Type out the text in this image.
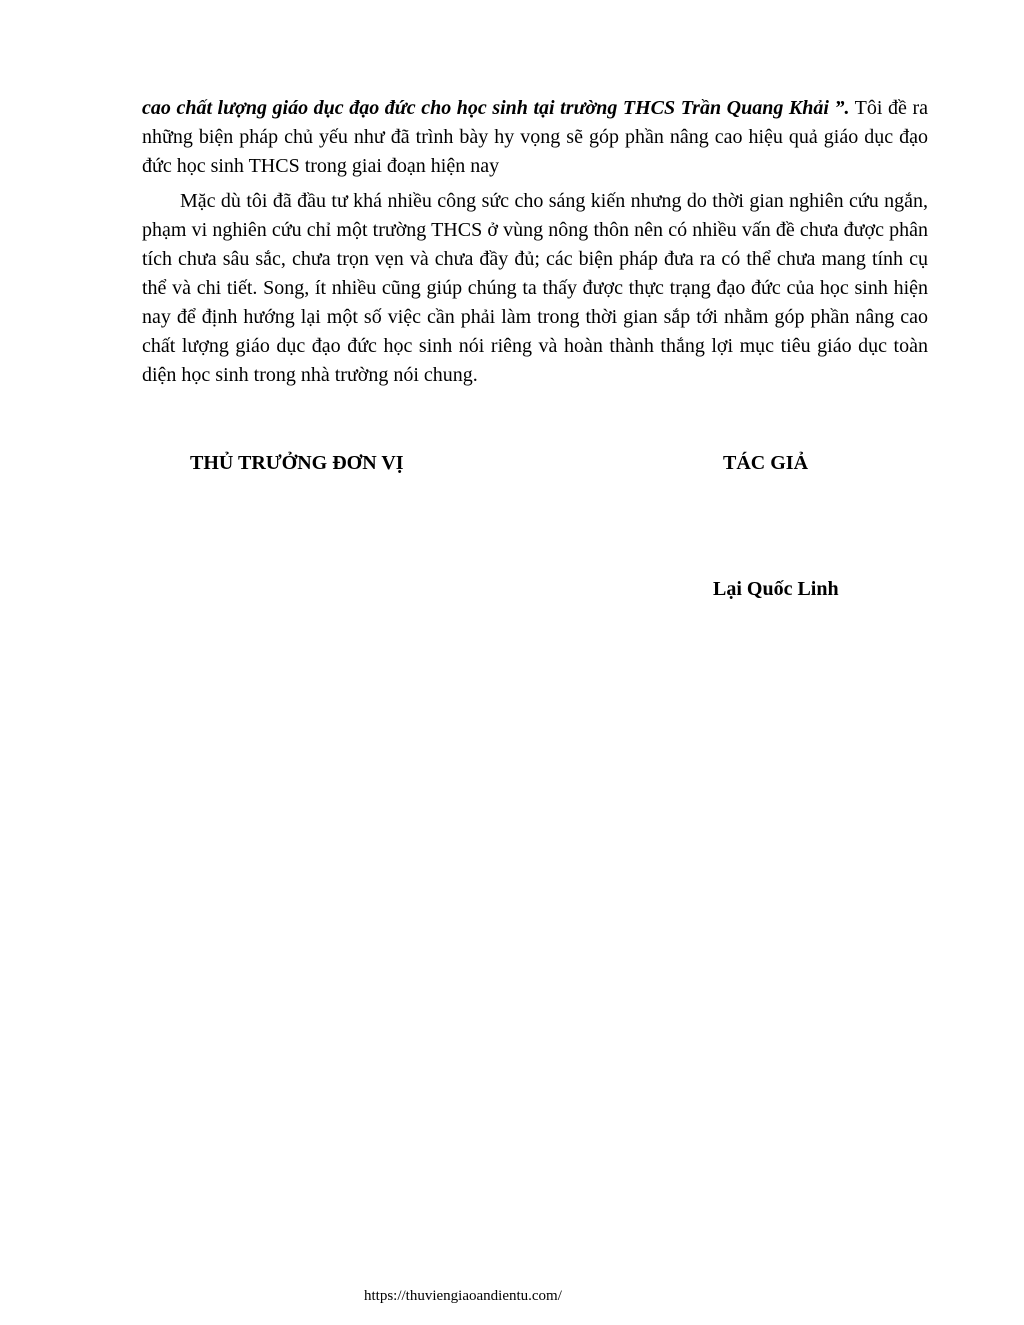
cao chất lượng giáo dục đạo đức cho học sinh tại trường THCS Trần Quang Khải ”. Tôi đề ra những biện pháp chủ yếu như đã trình bày hy vọng sẽ góp phần nâng cao hiệu quả giáo dục đạo đức học sinh THCS trong giai đoạn hiện nay

Mặc dù tôi đã đầu tư khá nhiều công sức cho sáng kiến nhưng do thời gian nghiên cứu ngắn, phạm vi nghiên cứu chỉ một trường THCS ở vùng nông thôn nên có nhiều vấn đề chưa được phân tích chưa sâu sắc, chưa trọn vẹn và chưa đầy đủ; các biện pháp đưa ra có thể chưa mang tính cụ thể và chi tiết. Song, ít nhiều cũng giúp chúng ta thấy được thực trạng đạo đức của học sinh hiện nay để định hướng lại một số việc cần phải làm trong thời gian sắp tới nhằm góp phần nâng cao chất lượng giáo dục đạo đức học sinh nói riêng và hoàn thành thắng lợi mục tiêu giáo dục toàn diện học sinh trong nhà trường nói chung.

THỦ TRƯỞNG ĐƠN VỊ	TÁC GIẢ
Lại Quốc Linh
https://thuviengiaoandientu.com/
